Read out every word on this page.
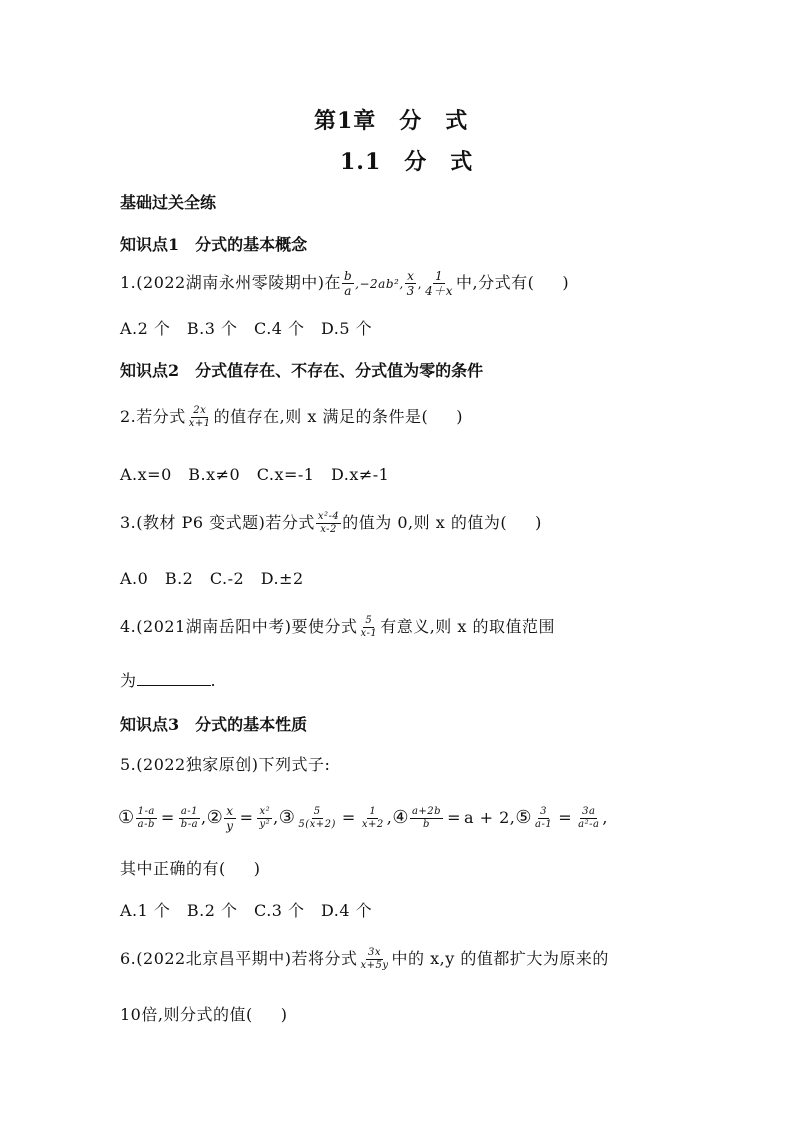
第1章　分　式
1.1　分　式
基础过关全练
知识点1　分式的基本概念
1.(2022湖南永州零陵期中)在 $\frac{b}{a} ,-2ab^2$, $\frac{x}{3}$ , $\frac{1}{4+x}$ 中,分式有( )
A.2 个　B.3 个　C.4 个　D.5 个
知识点2　分式值存在、不存在、分式值为零的条件
2.若分式 $\frac{2x}{x+1}$ 的值存在,则 x 满足的条件是( )
A.x=0　B.x≠0　C.x=-1　D.x≠-1
3.(教材 P6 变式题)若分式 $\frac{\text{x²-4}}{x-2}$ 的值为 0,则 x 的值为( )
A.0　B.2　C.-2　D.±2
4.(2021湖南岳阳中考)要使分式 $\frac{5}{x-1}$ 有意义,则 x 的取值范围
为	.
知识点3　分式的基本性质
5.(2022独家原创)下列式子:
① $\frac{1-a}{a-b} = \frac{a-1}{b-a}$ ,② $\frac{x}{y} = \frac{\text{x²}}{\text{y²}}$ ,③ $\frac{5}{5(x+2)} = \frac{1}{x+2}$ ,④ $\frac{a+2b}{b} = a$ + 2,⑤ $\frac{3}{a-1} = \frac{3a}{\text{a²-a}}$ ,
其中正确的有( )
A.1 个　B.2 个　C.3 个　D.4 个
6.(2022北京昌平期中)若将分式 $\frac{3x}{x+5y}$ 中的 x,y 的值都扩大为原来的
10倍,则分式的值( )
